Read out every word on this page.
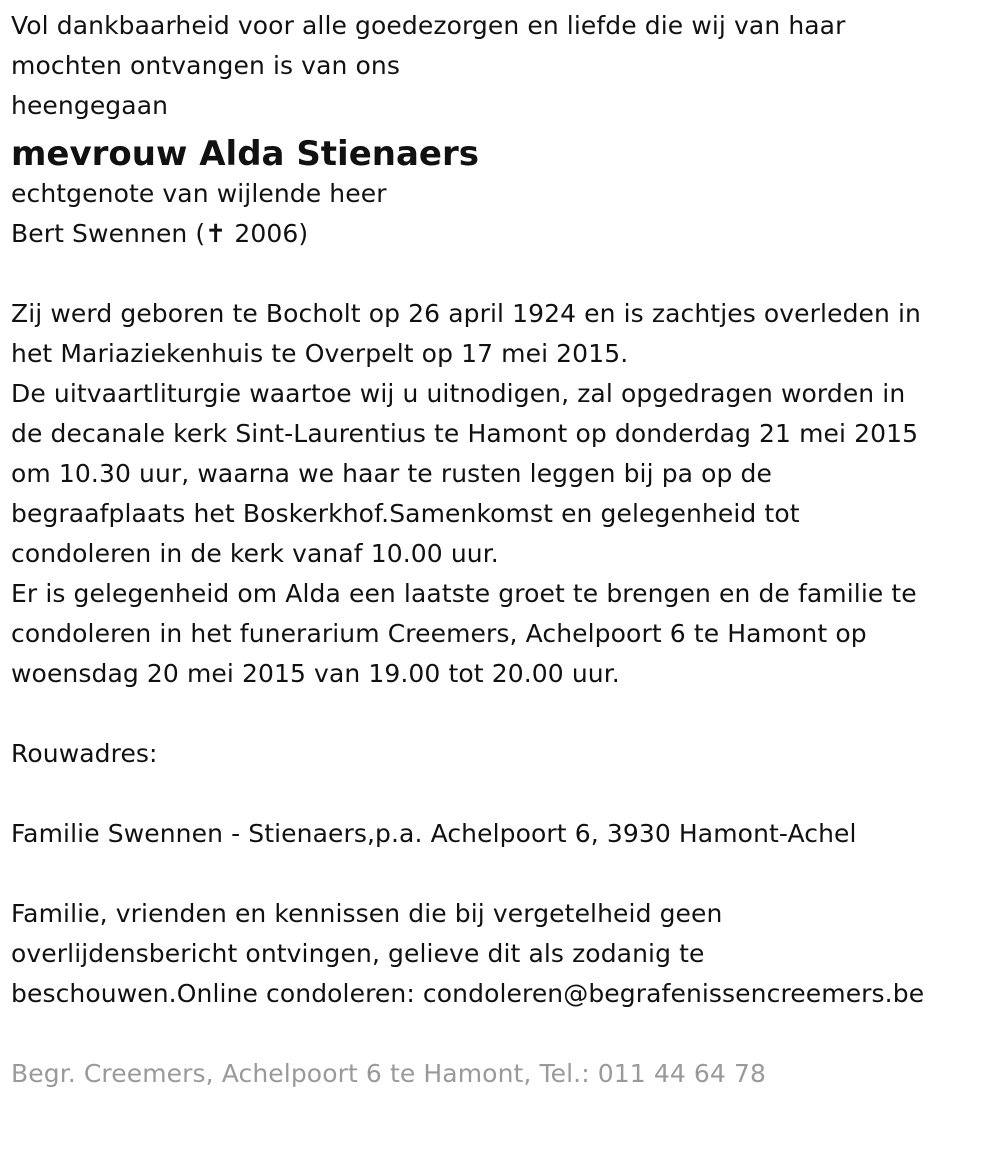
Vol dankbaarheid voor alle goedezorgen en liefde die wij van haar
mochten ontvangen is van ons
heengegaan
mevrouw Alda Stienaers
echtgenote van wijlende heer
Bert Swennen (✝ 2006)
Zij werd geboren te Bocholt op 26 april 1924 en is zachtjes overleden in
het Mariaziekenhuis te Overpelt op 17 mei 2015.
De uitvaartliturgie waartoe wij u uitnodigen, zal opgedragen worden in
de decanale kerk Sint-Laurentius te Hamont op donderdag 21 mei 2015
om 10.30 uur, waarna we haar te rusten leggen bij pa op de
begraafplaats het Boskerkhof.Samenkomst en gelegenheid tot
condoleren in de kerk vanaf 10.00 uur.
Er is gelegenheid om Alda een laatste groet te brengen en de familie te
condoleren in het funerarium Creemers, Achelpoort 6 te Hamont op
woensdag 20 mei 2015 van 19.00 tot 20.00 uur.
Rouwadres:
Familie Swennen - Stienaers,p.a. Achelpoort 6, 3930 Hamont-Achel
Familie, vrienden en kennissen die bij vergetelheid geen
overlijdensbericht ontvingen, gelieve dit als zodanig te
beschouwen.Online condoleren: condoleren@begrafenissencreemers.be
Begr. Creemers, Achelpoort 6 te Hamont, Tel.: 011 44 64 78
